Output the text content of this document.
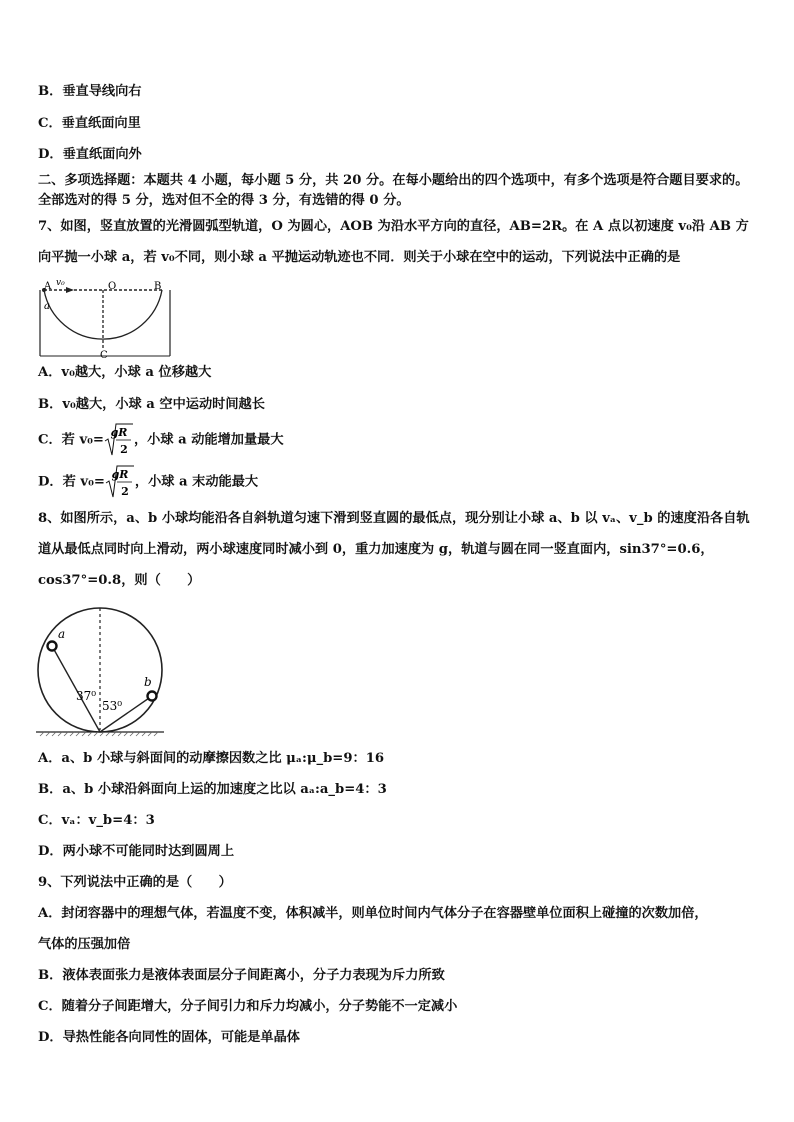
B．垂直导线向右
C．垂直纸面向里
D．垂直纸面向外
二、多项选择题：本题共 4 小题，每小题 5 分，共 20 分。在每小题给出的四个选项中，有多个选项是符合题目要求的。
全部选对的得 5 分，选对但不全的得 3 分，有选错的得 0 分。
7、如图，竖直放置的光滑圆弧型轨道，O 为圆心，AOB 为沿水平方向的直径，AB=2R。在 A 点以初速度 v₀沿 AB 方
向平抛一小球 a，若 v₀不同，则小球 a 平抛运动轨迹也不同．则关于小球在空中的运动，下列说法中正确的是
v₀
A	O	B
a
C
A．v₀越大，小球 a 位移越大
B．v₀越大，小球 a 空中运动时间越长
C．若 v₀= gR
2
，小球 a 动能增加量最大
D．若 v₀= gR
2
，小球 a 末动能最大
8、如图所示，a、b 小球均能沿各自斜轨道匀速下滑到竖直圆的最低点，现分别让小球 a、b 以 vₐ、v_b 的速度沿各自轨
道从最低点同时向上滑动，两小球速度同时减小到 0，重力加速度为 g，轨道与圆在同一竖直面内，sin37°=0.6，
cos37°=0.8，则（　　）
a
b
37⁰
53⁰
A．a、b 小球与斜面间的动摩擦因数之比 μₐ:μ_b=9：16
B．a、b 小球沿斜面向上运的加速度之比以 aₐ:a_b=4：3
C．vₐ：v_b=4：3
D．两小球不可能同时达到圆周上
9、下列说法中正确的是（　　）
A．封闭容器中的理想气体，若温度不变，体积减半，则单位时间内气体分子在容器壁单位面积上碰撞的次数加倍，
气体的压强加倍
B．液体表面张力是液体表面层分子间距离小，分子力表现为斥力所致
C．随着分子间距增大，分子间引力和斥力均减小，分子势能不一定减小
D．导热性能各向同性的固体，可能是单晶体
